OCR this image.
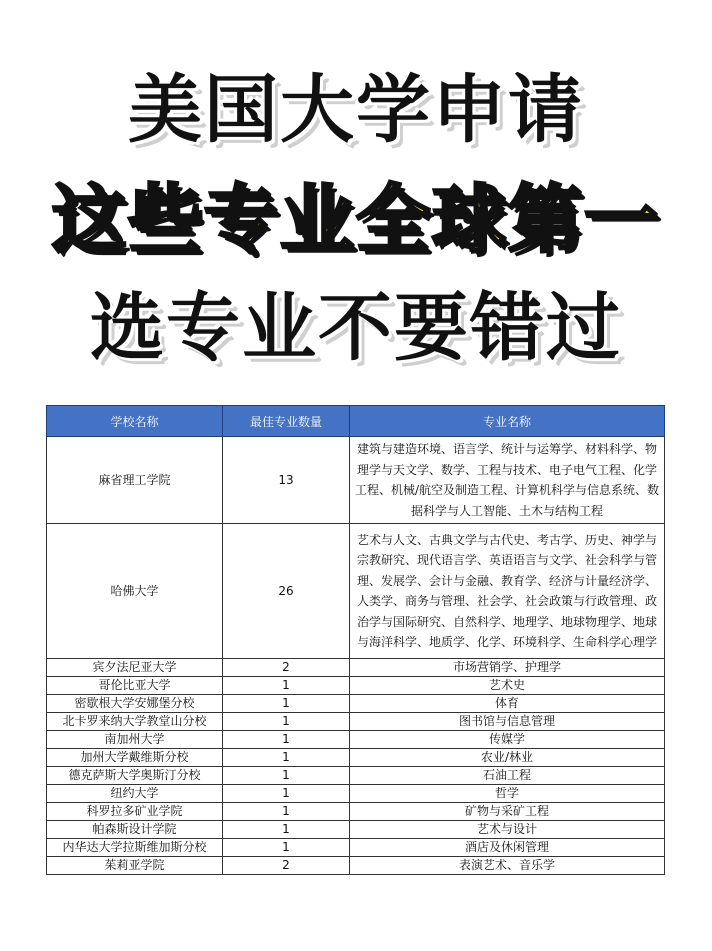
美国大学申请
这些专业全球第一
选专业不要错过
学校名称	最佳专业数量	专业名称
麻省理工学院	13	建筑与建造环境、语言学、统计与运筹学、材料科学、物理学与天文学、数学、工程与技术、电子电气工程、化学工程、机械/航空及制造工程、计算机科学与信息系统、数据科学与人工智能、土木与结构工程
哈佛大学	26	艺术与人文、古典文学与古代史、考古学、历史、神学与宗教研究、现代语言学、英语语言与文学、社会科学与管理、发展学、会计与金融、教育学、经济与计量经济学、人类学、商务与管理、社会学、社会政策与行政管理、政治学与国际研究、自然科学、地理学、地球物理学、地球与海洋科学、地质学、化学、环境科学、生命科学心理学
宾夕法尼亚大学	2	市场营销学、护理学
哥伦比亚大学	1	艺术史
密歇根大学安娜堡分校	1	体育
北卡罗来纳大学教堂山分校	1	图书馆与信息管理
南加州大学	1	传媒学
加州大学戴维斯分校	1	农业/林业
德克萨斯大学奥斯汀分校	1	石油工程
纽约大学	1	哲学
科罗拉多矿业学院	1	矿物与采矿工程
帕森斯设计学院	1	艺术与设计
内华达大学拉斯维加斯分校	1	酒店及休闲管理
茱莉亚学院	2	表演艺术、音乐学
